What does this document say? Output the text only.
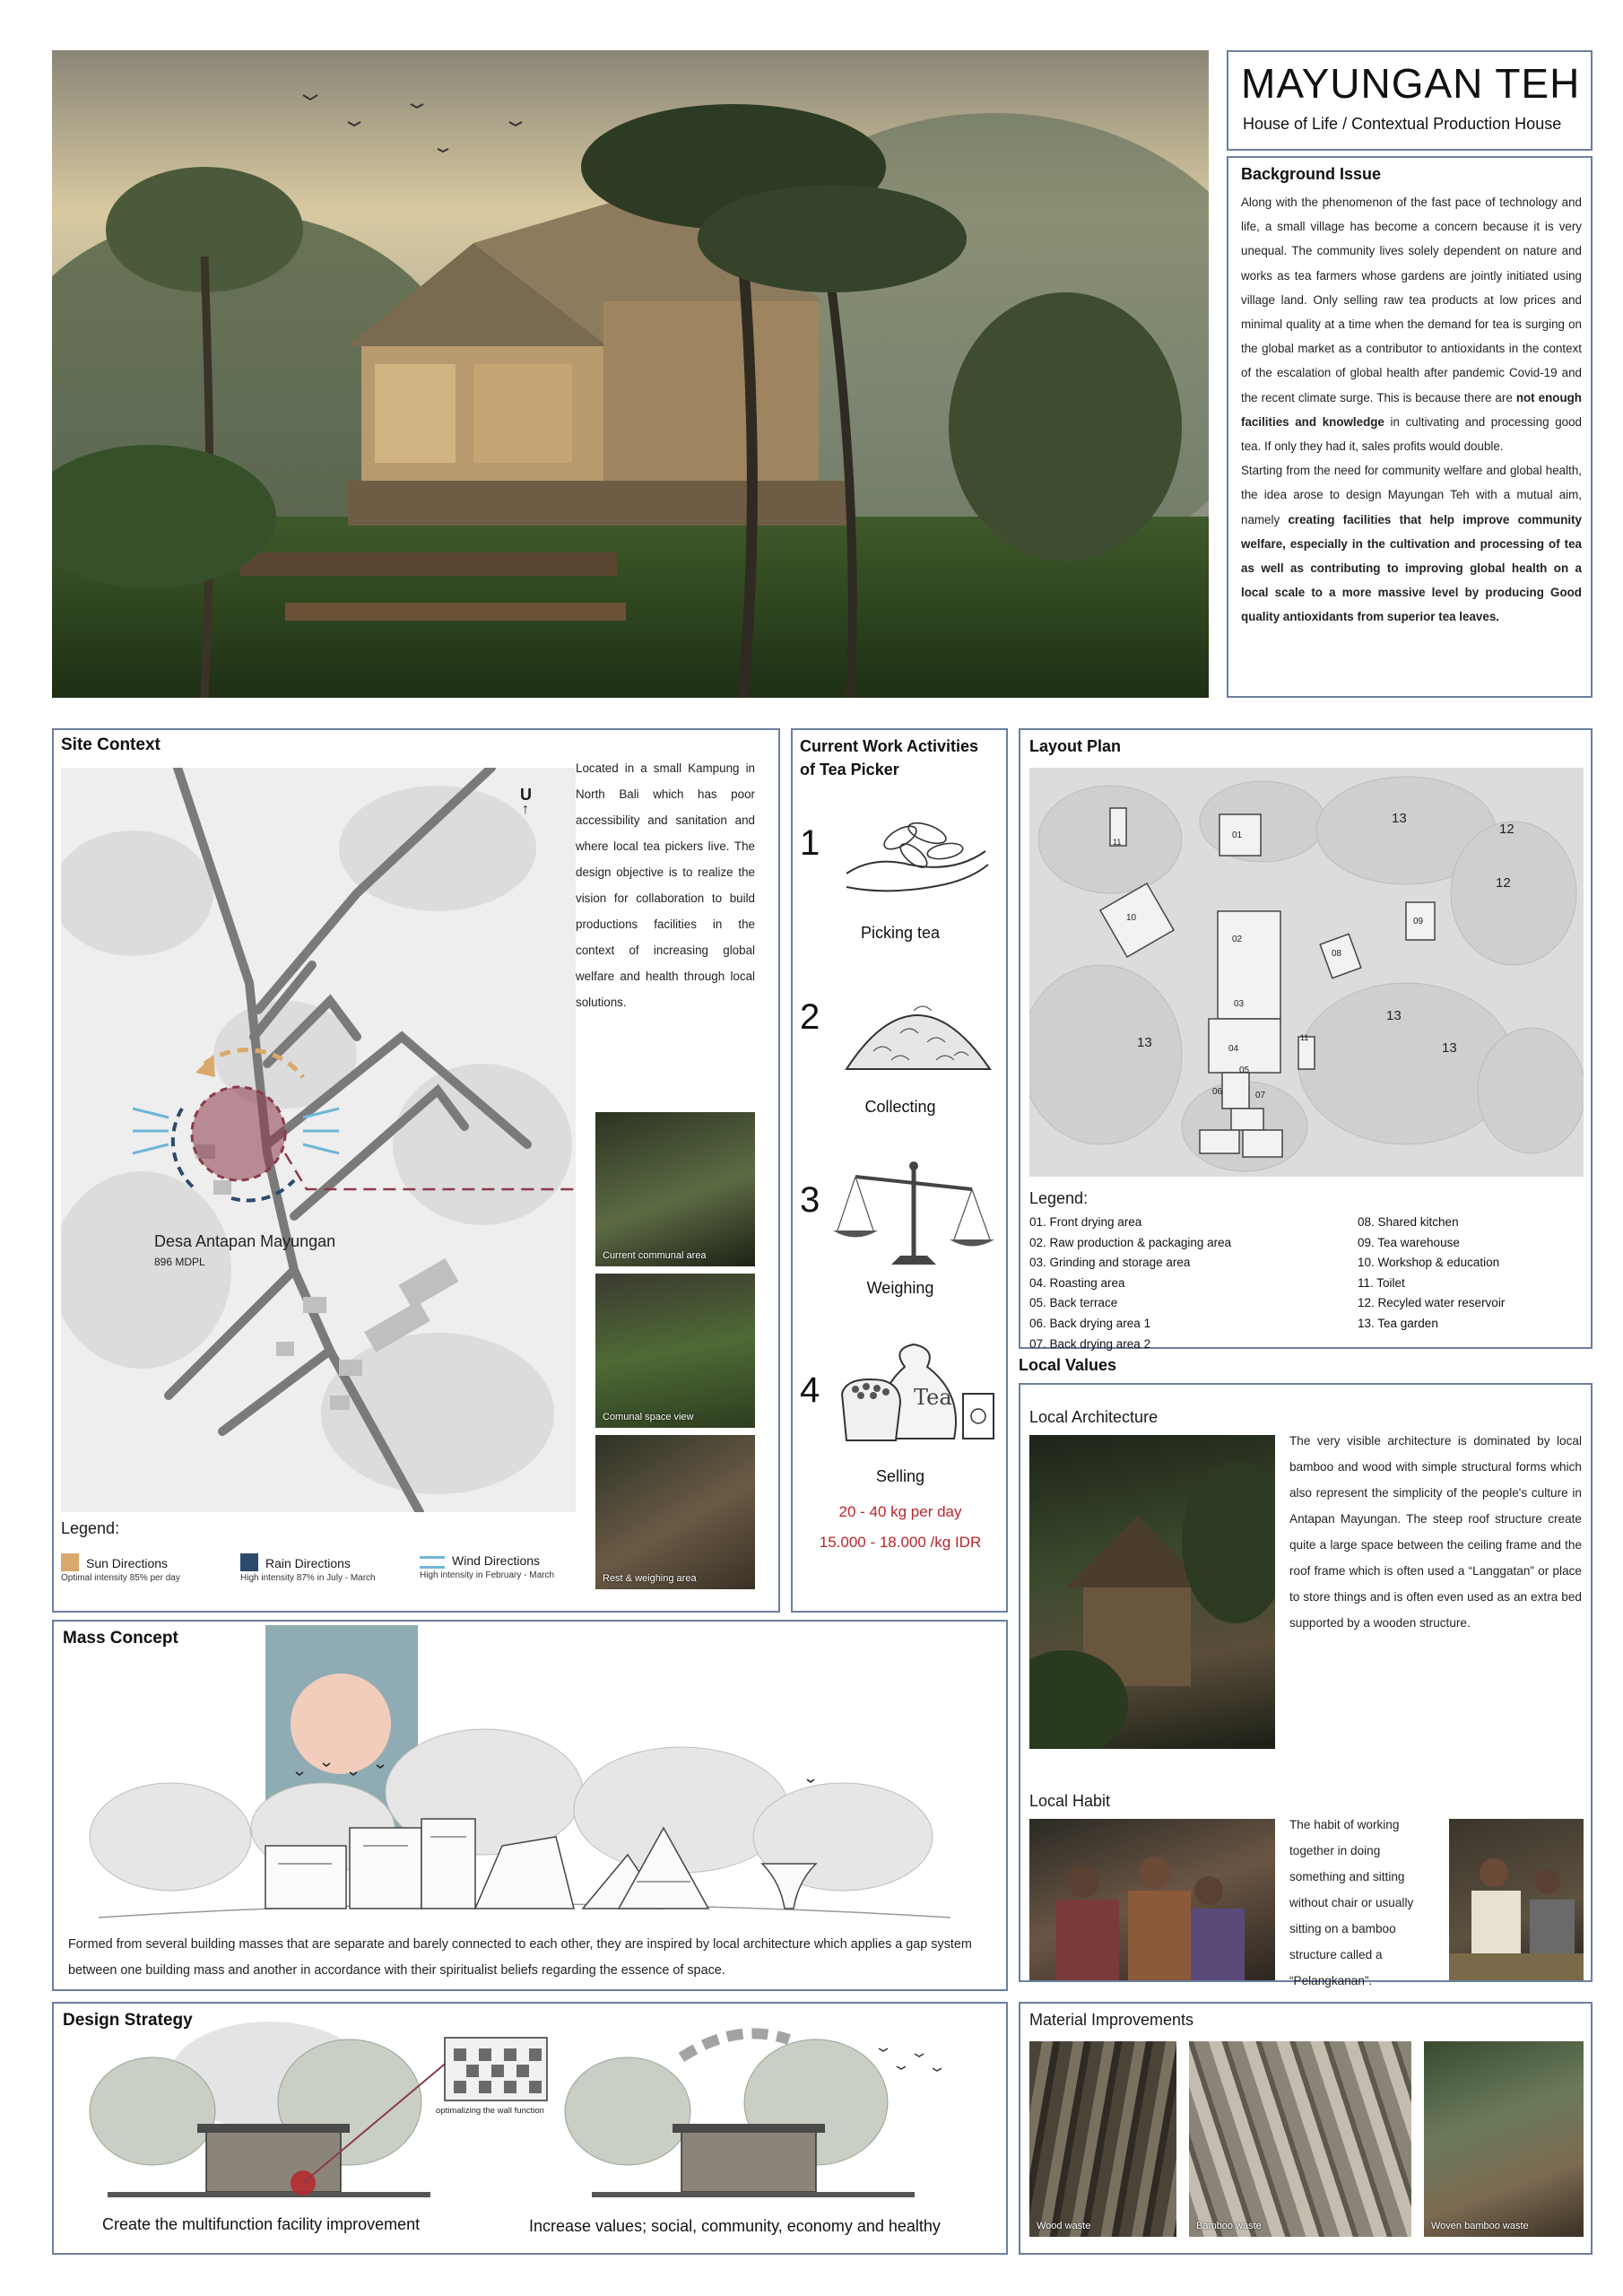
MAYUNGAN TEH
House of Life / Contextual Production House
Background Issue
Along with the phenomenon of the fast pace of technology and life, a small village has become a concern because it is very unequal. The community lives solely dependent on nature and works as tea farmers whose gardens are jointly initiated using village land. Only selling raw tea products at low prices and minimal quality at a time when the demand for tea is surging on the global market as a contributor to antioxidants in the context of the escalation of global health after pandemic Covid-19 and the recent climate surge. This is because there are not enough facilities and knowledge in cultivating and processing good tea. If only they had it, sales profits would double.
Starting from the need for community welfare and global health, the idea arose to design Mayungan Teh with a mutual aim, namely creating facilities that help improve community welfare, especially in the cultivation and processing of tea as well as contributing to improving global health on a local scale to a more massive level by producing Good quality antioxidants from superior tea leaves.
Site Context
U
↑
Desa Antapan Mayungan
896 MDPL
Located in a small Kampung in North Bali which has poor accessibility and sanitation and where local tea pickers live. The design objective is to realize the vision for collaboration to build productions facilities in the context of increasing global welfare and health through local solutions.
Current communal area
Comunal space view
Rest & weighing area
Legend:
Sun Directions
Optimal intensity 85% per day
Rain Directions
High intensity 87% in July - March
Wind Directions
High intensity in February - March
Current Work Activities
of Tea Picker
1
Picking tea
2
Collecting
3
Weighing
4	Tea
Selling
20 - 40 kg per day
15.000 - 18.000 /kg IDR
Layout Plan
13
12
12
13
13
13
01
02
03
04
05
06	07
08
09
10
11
11
Legend:
01. Front drying area
02. Raw production & packaging area
03. Grinding and storage area
04. Roasting area
05. Back terrace
06. Back drying area 1
07. Back drying area 2
08. Shared kitchen
09. Tea warehouse
10. Workshop & education
11. Toilet
12. Recyled water reservoir
13. Tea garden
Local Values
Local Architecture
The very visible architecture is dominated by local bamboo and wood with simple structural forms which also represent the simplicity of the people's culture in Antapan Mayungan. The steep roof structure create quite a large space between the ceiling frame and the roof frame which is often used a “Langgatan” or place to store things and is often even used as an extra bed supported by a wooden structure.
Local Habit
The habit of working together in doing something and sitting without chair or usually sitting on a bamboo structure called a “Pelangkanan”.
Mass Concept
Formed from several building masses that are separate and barely connected to each other, they are inspired by local architecture which applies a gap system between one building mass and another in accordance with their spiritualist beliefs regarding the essence of space.
Design Strategy
optimalizing the wall function
Create the multifunction facility improvement	Increase values; social, community, economy and healthy
Material Improvements
Wood waste	Bamboo waste	Woven bamboo waste
